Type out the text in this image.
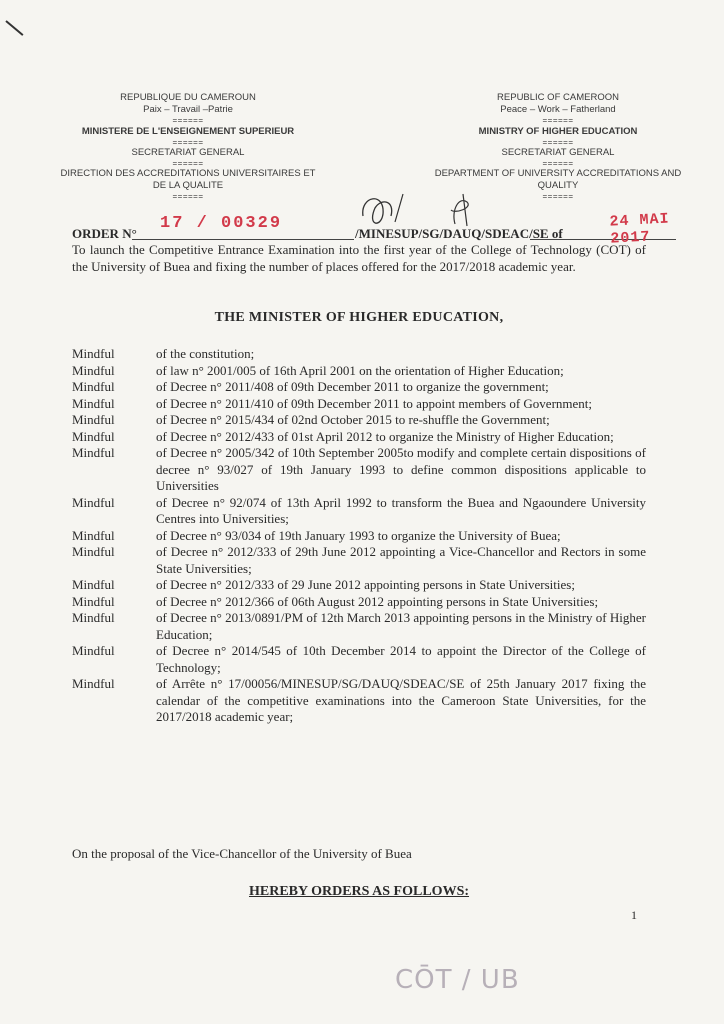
REPUBLIQUE DU CAMEROUN
Paix – Travail –Patrie
======
MINISTERE DE L'ENSEIGNEMENT SUPERIEUR
======
SECRETARIAT GENERAL
======
DIRECTION DES ACCREDITATIONS UNIVERSITAIRES ET DE LA QUALITE
======
REPUBLIC OF CAMEROON
Peace – Work – Fatherland
======
MINISTRY OF HIGHER EDUCATION
======
SECRETARIAT GENERAL
======
DEPARTMENT OF UNIVERSITY ACCREDITATIONS AND QUALITY
======
ORDER N°
17 / 00329
/MINESUP/SG/DAUQ/SDEAC/SE of
24 MAI 2017
To launch the Competitive Entrance Examination into the first year of the College of Technology (COT) of the University of Buea and fixing the number of places offered for the 2017/2018 academic year.
THE MINISTER OF HIGHER EDUCATION,
Mindful	of the constitution;
Mindful	of law n° 2001/005 of 16th April 2001 on the orientation of Higher Education;
Mindful	of Decree n° 2011/408 of 09th December 2011 to organize the government;
Mindful	of Decree n° 2011/410 of 09th December 2011 to appoint members of Government;
Mindful	of Decree n° 2015/434 of 02nd October 2015 to re-shuffle the Government;
Mindful	of Decree n° 2012/433 of 01st April 2012 to organize the Ministry of Higher Education;
Mindful	of Decree n° 2005/342 of 10th September 2005to modify and complete certain dispositions of decree n° 93/027 of 19th January 1993 to define common dispositions applicable to Universities
Mindful	of Decree n° 92/074 of 13th April 1992 to transform the Buea and Ngaoundere University Centres into Universities;
Mindful	of Decree n° 93/034 of 19th January 1993 to organize the University of Buea;
Mindful	of Decree n° 2012/333 of 29th June 2012 appointing a Vice-Chancellor and Rectors in some State Universities;
Mindful	of Decree n° 2012/333 of 29 June 2012 appointing persons in State Universities;
Mindful	of Decree n° 2012/366 of 06th August 2012 appointing persons in State Universities;
Mindful	of Decree n° 2013/0891/PM of 12th March 2013 appointing persons in the Ministry of Higher Education;
Mindful	of Decree n° 2014/545 of 10th December 2014 to appoint the Director of the College of Technology;
Mindful	of Arrête n° 17/00056/MINESUP/SG/DAUQ/SDEAC/SE of 25th January 2017 fixing the calendar of the competitive examinations into the Cameroon State Universities, for the 2017/2018 academic year;
On the proposal of the Vice-Chancellor of the University of Buea
HEREBY ORDERS AS FOLLOWS:
1
CŌT / UB
